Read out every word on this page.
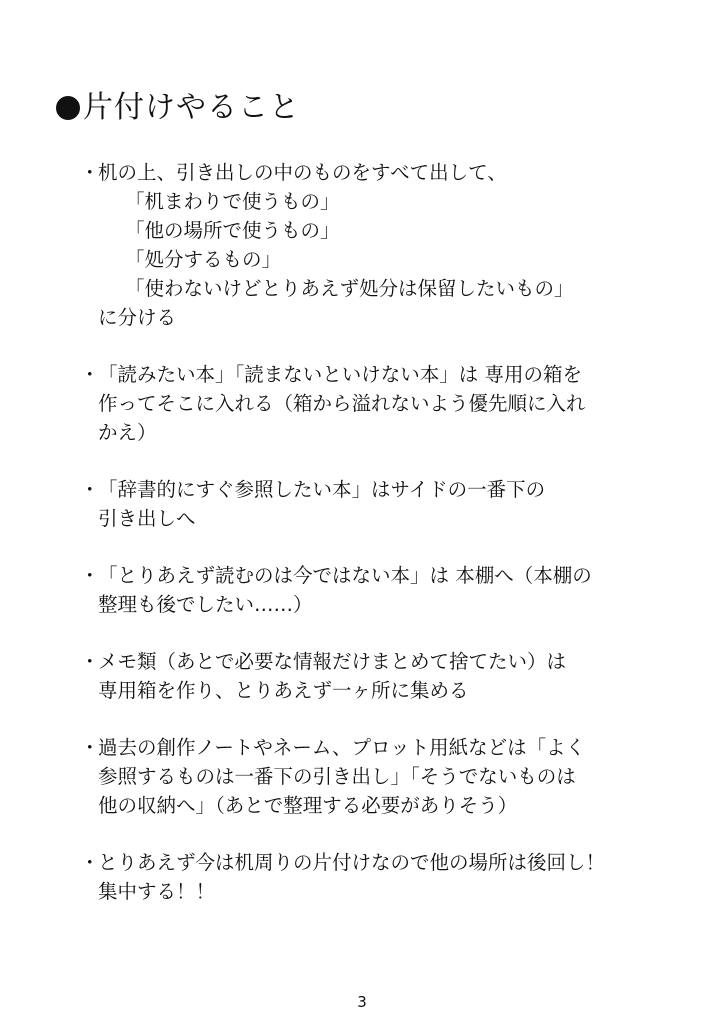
片付けやること
・
机の上、引き出しの中のものをすべて出して、
「机まわりで使うもの」
「他の場所で使うもの」
「処分するもの」
「使わないけどとりあえず処分は保留したいもの」
に分ける
・
「読みたい本」「読まないといけない本」は 専用の箱を
作ってそこに入れる（箱から溢れないよう優先順に入れ
かえ）
・
「辞書的にすぐ参照したい本」はサイドの一番下の
引き出しへ
・
「とりあえず読むのは今ではない本」は 本棚へ（本棚の
整理も後でしたい……）
・
メモ類（あとで必要な情報だけまとめて捨てたい）は
専用箱を作り、とりあえず一ヶ所に集める
・
過去の創作ノートやネーム、プロット用紙などは「よく
参照するものは一番下の引き出し」「そうでないものは
他の収納へ」（あとで整理する必要がありそう）
・
とりあえず今は机周りの片付けなので他の場所は後回し！
集中する！！
3
